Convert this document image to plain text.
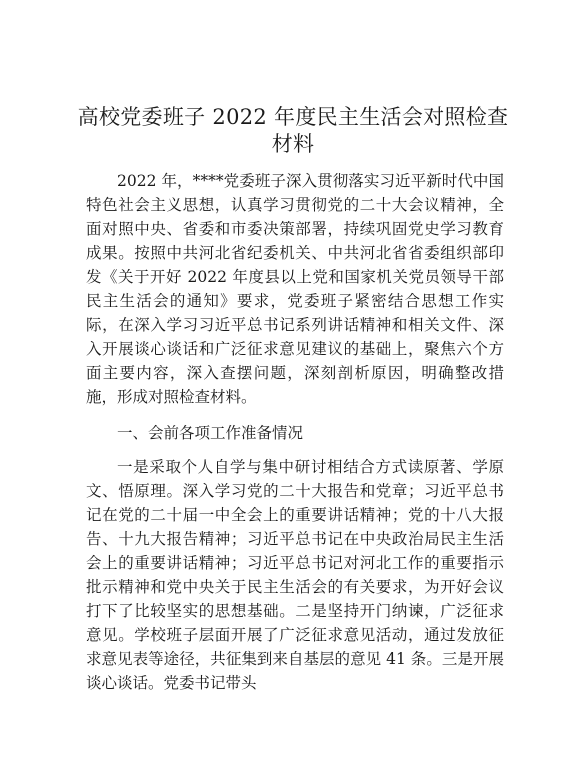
高校党委班子 2022 年度民主生活会对照检查材料

2022 年，****党委班子深入贯彻落实习近平新时代中国特色社会主义思想，认真学习贯彻党的二十大会议精神，全面对照中央、省委和市委决策部署，持续巩固党史学习教育成果。按照中共河北省纪委机关、中共河北省省委组织部印发《关于开好 2022 年度县以上党和国家机关党员领导干部民主生活会的通知》要求，党委班子紧密结合思想工作实际，在深入学习习近平总书记系列讲话精神和相关文件、深入开展谈心谈话和广泛征求意见建议的基础上，聚焦六个方面主要内容，深入查摆问题，深刻剖析原因，明确整改措施，形成对照检查材料。

一、会前各项工作准备情况

一是采取个人自学与集中研讨相结合方式读原著、学原文、悟原理。深入学习党的二十大报告和党章；习近平总书记在党的二十届一中全会上的重要讲话精神；党的十八大报告、十九大报告精神；习近平总书记在中央政治局民主生活会上的重要讲话精神；习近平总书记对河北工作的重要指示批示精神和党中央关于民主生活会的有关要求，为开好会议打下了比较坚实的思想基础。二是坚持开门纳谏，广泛征求意见。学校班子层面开展了广泛征求意见活动，通过发放征求意见表等途径，共征集到来自基层的意见 41 条。三是开展谈心谈话。党委书记带头
